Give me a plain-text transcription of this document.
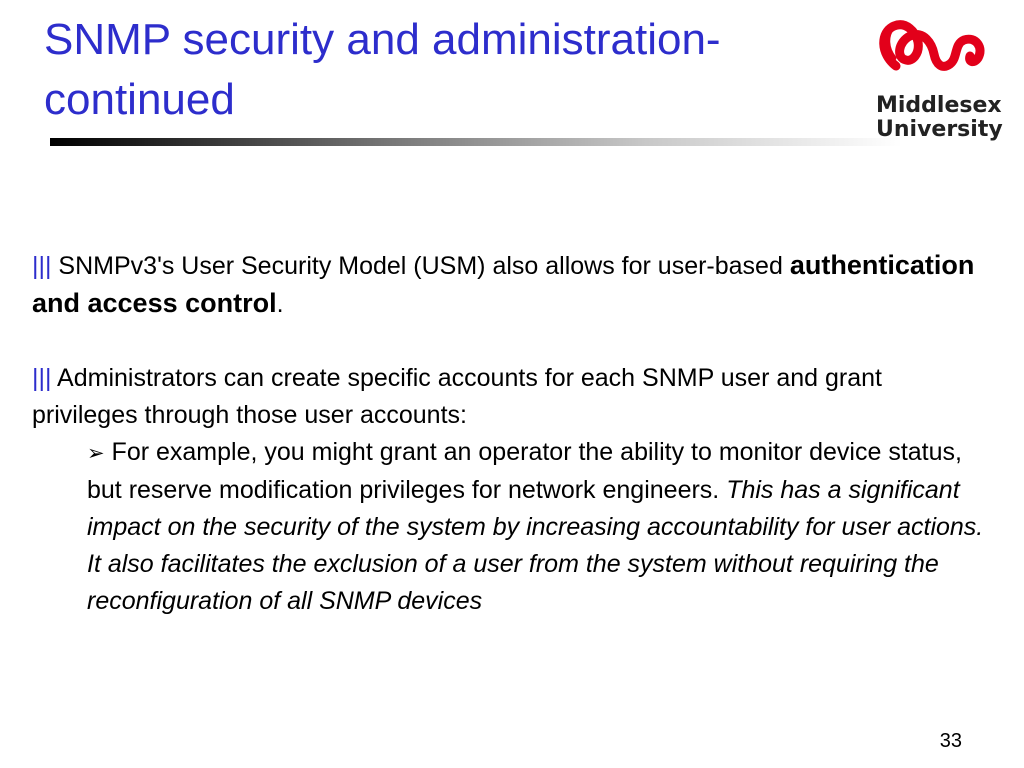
SNMP security and administration-continued	Middlesex
University

||| SNMPv3's User Security Model (USM) also allows for user-based authentication and access control.

||| Administrators can create specific accounts for each SNMP user and grant privileges through those user accounts:

➢ For example, you might grant an operator the ability to monitor device status, but reserve modification privileges for network engineers. This has a significant impact on the security of the system by increasing accountability for user actions. It also facilitates the exclusion of a user from the system without requiring the reconfiguration of all SNMP devices

33
